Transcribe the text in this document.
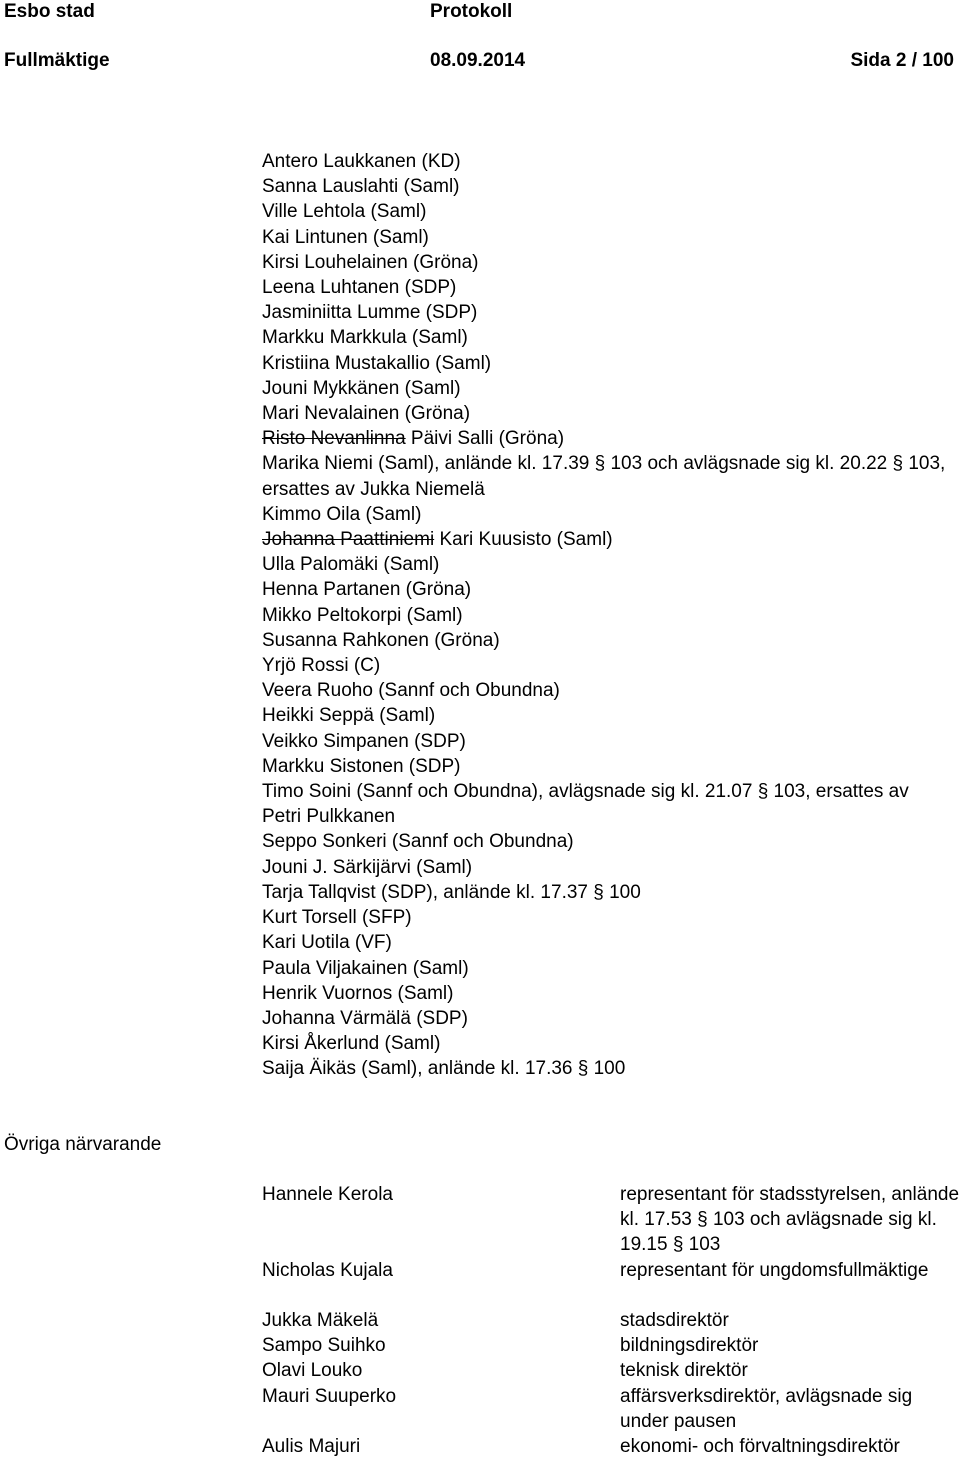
Esbo stad	Protokoll
Fullmäktige	08.09.2014	Sida 2 / 100
Antero Laukkanen (KD)
Sanna Lauslahti (Saml)
Ville Lehtola (Saml)
Kai Lintunen (Saml)
Kirsi Louhelainen (Gröna)
Leena Luhtanen (SDP)
Jasminiitta Lumme (SDP)
Markku Markkula (Saml)
Kristiina Mustakallio (Saml)
Jouni Mykkänen (Saml)
Mari Nevalainen (Gröna)
Risto Nevanlinna Päivi Salli (Gröna)
Marika Niemi (Saml), anlände kl. 17.39 § 103 och avlägsnade sig kl. 20.22 § 103, ersattes av Jukka Niemelä
Kimmo Oila (Saml)
Johanna Paattiniemi Kari Kuusisto (Saml)
Ulla Palomäki (Saml)
Henna Partanen (Gröna)
Mikko Peltokorpi (Saml)
Susanna Rahkonen (Gröna)
Yrjö Rossi (C)
Veera Ruoho (Sannf och Obundna)
Heikki Seppä (Saml)
Veikko Simpanen (SDP)
Markku Sistonen (SDP)
Timo Soini (Sannf och Obundna), avlägsnade sig kl. 21.07 § 103, ersattes av Petri Pulkkanen
Seppo Sonkeri (Sannf och Obundna)
Jouni J. Särkijärvi (Saml)
Tarja Tallqvist (SDP), anlände kl. 17.37 § 100
Kurt Torsell (SFP)
Kari Uotila (VF)
Paula Viljakainen (Saml)
Henrik Vuornos (Saml)
Johanna Värmälä (SDP)
Kirsi Åkerlund (Saml)
Saija Äikäs (Saml), anlände kl. 17.36 § 100
Övriga närvarande
Hannele Kerola	representant för stadsstyrelsen, anlände kl. 17.53 § 103 och avlägsnade sig kl. 19.15 § 103
Nicholas Kujala	representant för ungdomsfullmäktige
Jukka Mäkelä	stadsdirektör
Sampo Suihko	bildningsdirektör
Olavi Louko	teknisk direktör
Mauri Suuperko	affärsverksdirektör, avlägsnade sig under pausen
Aulis Majuri	ekonomi- och förvaltningsdirektör
